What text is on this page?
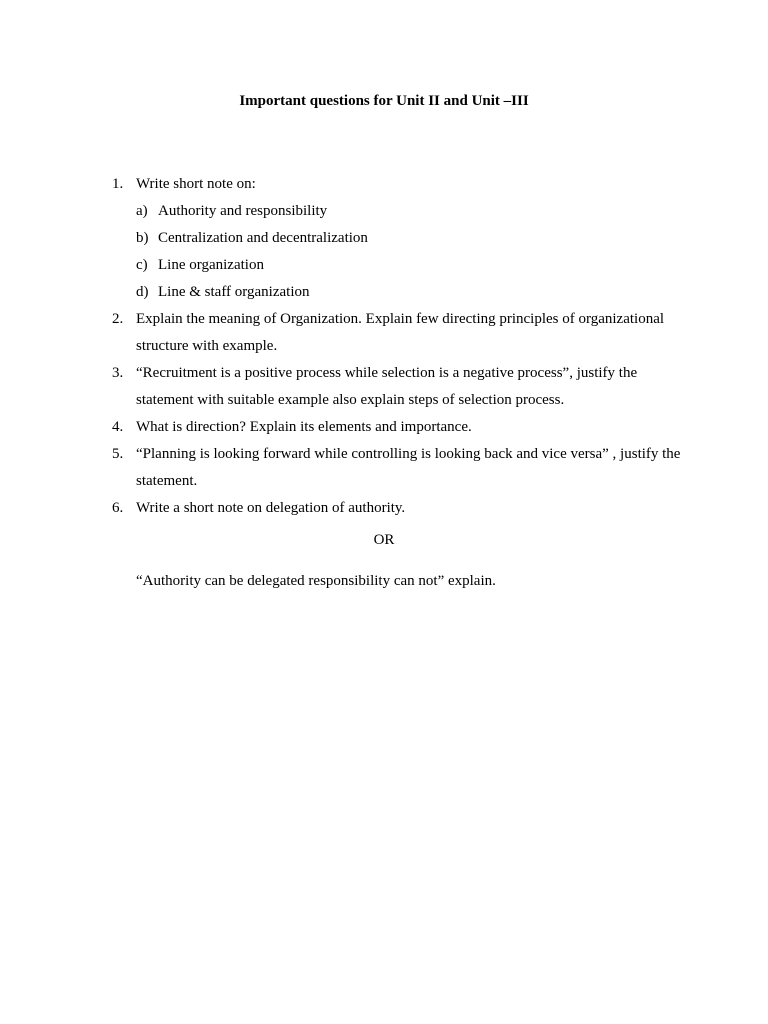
Important questions for Unit II and Unit –III
1. Write short note on:
a) Authority and responsibility
b) Centralization and decentralization
c) Line organization
d) Line & staff organization
2. Explain the meaning of Organization. Explain few directing principles of organizational structure with example.
3. “Recruitment is a positive process while selection is a negative process”, justify the statement with suitable example also explain steps of selection process.
4. What is direction? Explain its elements and importance.
5. “Planning is looking forward while controlling is looking back and vice versa” , justify the statement.
6. Write a short note on delegation of authority.
OR
“Authority can be delegated responsibility can not” explain.
